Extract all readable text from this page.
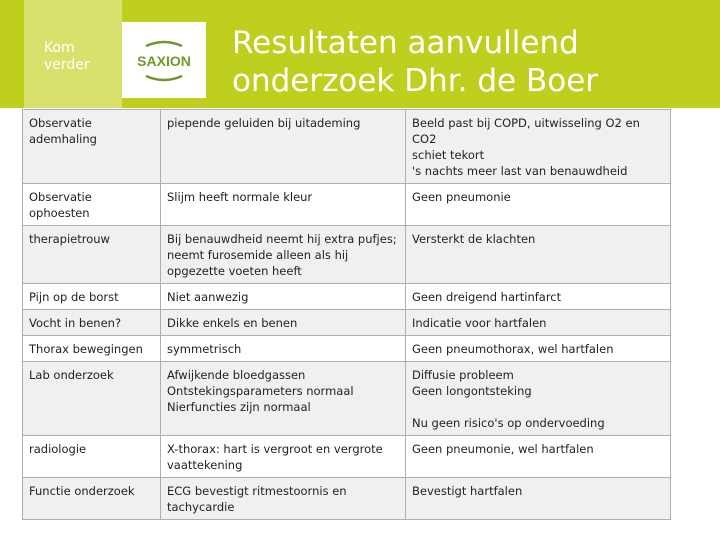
Kom
verder	SAXION Resultaten aanvullend
onderzoek Dhr. de Boer
Observatie
ademhaling	piepende geluiden bij uitademing	Beeld past bij COPD, uitwisseling O2 en CO2
schiet tekort
's nachts meer last van benauwdheid

Observatie
ophoesten	Slijm heeft normale kleur	Geen pneumonie

therapietrouw	Bij benauwdheid neemt hij extra pufjes;
neemt furosemide alleen als hij
opgezette voeten heeft	Versterkt de klachten

Pijn op de borst	Niet aanwezig	Geen dreigend hartinfarct

Vocht in benen?	Dikke enkels en benen	Indicatie voor hartfalen

Thorax bewegingen	symmetrisch	Geen pneumothorax, wel hartfalen

Lab onderzoek	Afwijkende bloedgassen
Ontstekingsparameters normaal
Nierfuncties zijn normaal	Diffusie probleem
Geen longontsteking
Nu geen risico's op ondervoeding

radiologie	X-thorax: hart is vergroot en vergrote
vaattekening	Geen pneumonie, wel hartfalen

Functie onderzoek	ECG bevestigt ritmestoornis en
tachycardie	Bevestigt hartfalen
